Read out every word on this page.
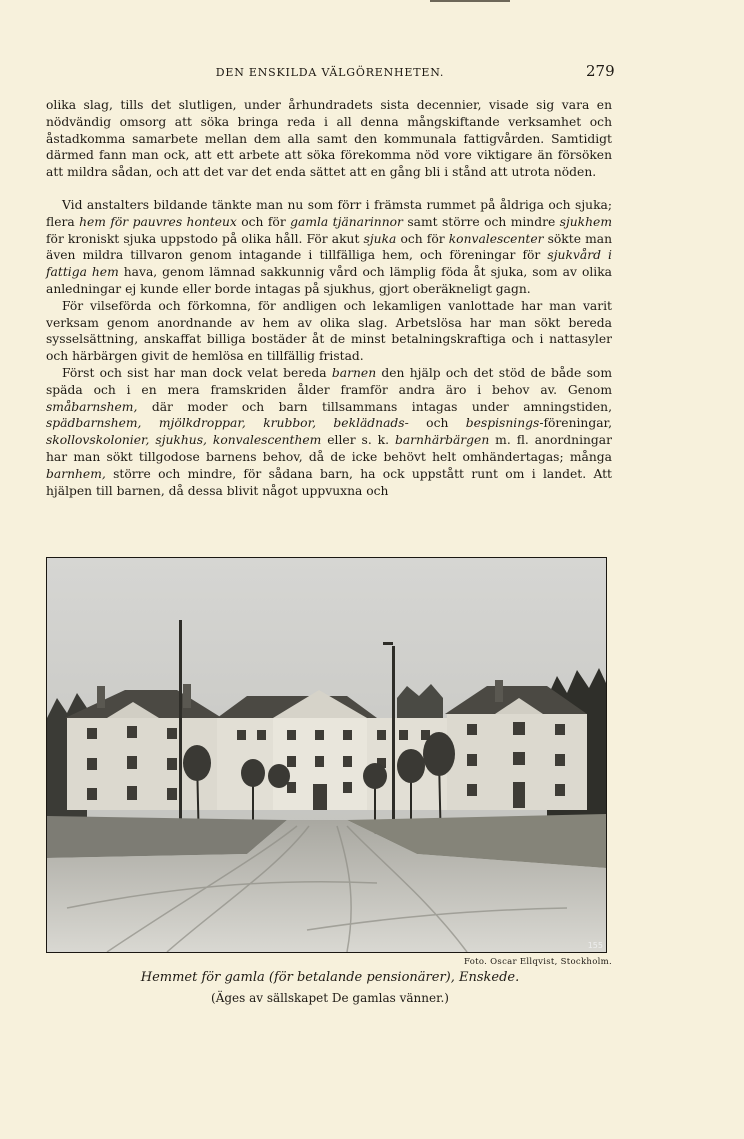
DEN ENSKILDA VÄLGÖRENHETEN.	279

olika slag, tills det slutligen, under århundradets sista decennier, visade sig vara en nödvändig omsorg att söka bringa reda i all denna mångskiftande verksamhet och åstadkomma samarbete mellan dem alla samt den kommunala fattigvården. Samtidigt därmed fann man ock, att ett arbete att söka förekomma nöd vore viktigare än försöken att mildra sådan, och att det var det enda sättet att en gång bli i stånd att utrota nöden.

Vid anstalters bildande tänkte man nu som förr i främsta rummet på åldriga och sjuka; flera hem för pauvres honteux och för gamla tjänarinnor samt större och mindre sjukhem för kroniskt sjuka uppstodo på olika håll. För akut sjuka och för konvalescenter sökte man även mildra tillvaron genom intagande i tillfälliga hem, och föreningar för sjukvård i fattiga hem hava, genom lämnad sakkunnig vård och lämplig föda åt sjuka, som av olika anledningar ej kunde eller borde intagas på sjukhus, gjort oberäkneligt gagn.

För vilseförda och förkomna, för andligen och lekamligen vanlottade har man varit verksam genom anordnande av hem av olika slag. Arbetslösa har man sökt bereda sysselsättning, anskaffat billiga bostäder åt de minst betalningskraftiga och i nattasyler och härbärgen givit de hemlösa en tillfällig fristad.

Först och sist har man dock velat bereda barnen den hjälp och det stöd de både som späda och i en mera framskriden ålder framför andra äro i behov av. Genom småbarnshem, där moder och barn tillsammans intagas under amningstiden, spädbarnshem, mjölkdroppar, krubbor, beklädnads- och bespisnings-föreningar, skollovskolonier, sjukhus, konvalescenthem eller s. k. barnhärbärgen m. fl. anordningar har man sökt tillgodose barnens behov, då de icke behövt helt omhändertagas; många barnhem, större och mindre, för sådana barn, ha ock uppstått runt om i landet. Att hjälpen till barnen, då dessa blivit något uppvuxna och

155
Foto. Oscar Ellqvist, Stockholm.
Hemmet för gamla (för betalande pensionärer), Enskede.
(Äges av sällskapet De gamlas vänner.)
